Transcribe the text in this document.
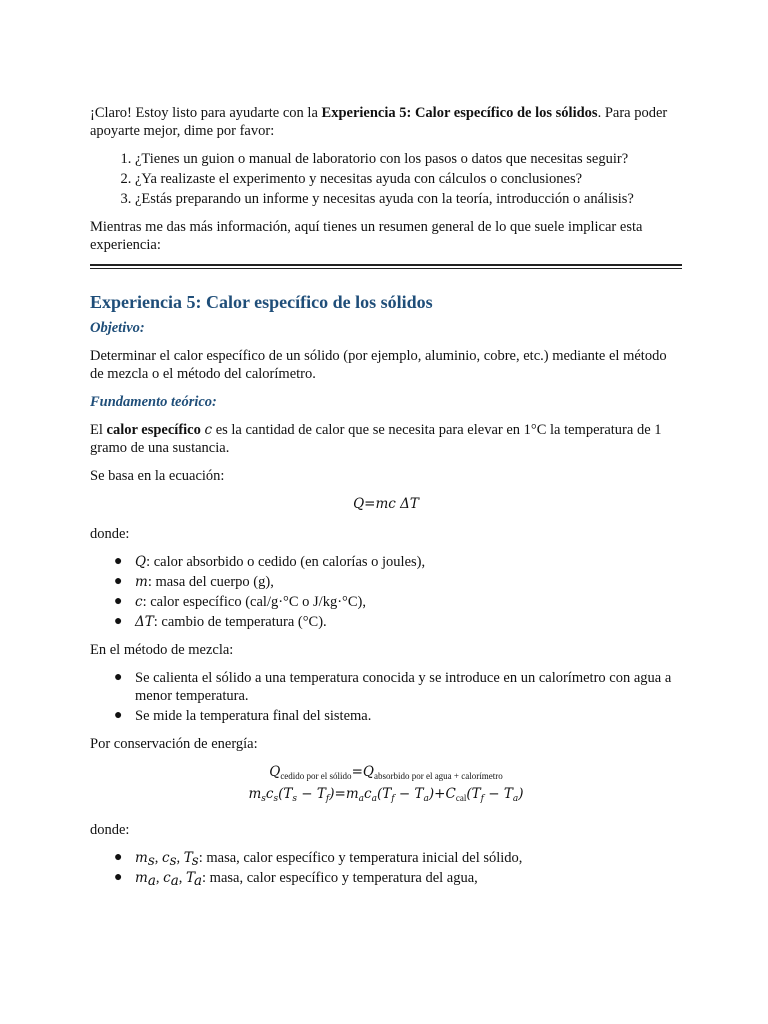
¡Claro! Estoy listo para ayudarte con la Experiencia 5: Calor específico de los sólidos. Para poder apoyarte mejor, dime por favor:

1. ¿Tienes un guion o manual de laboratorio con los pasos o datos que necesitas seguir?
2. ¿Ya realizaste el experimento y necesitas ayuda con cálculos o conclusiones?
3. ¿Estás preparando un informe y necesitas ayuda con la teoría, introducción o análisis?

Mientras me das más información, aquí tienes un resumen general de lo que suele implicar esta experiencia:

Experiencia 5: Calor específico de los sólidos
Objetivo:

Determinar el calor específico de un sólido (por ejemplo, aluminio, cobre, etc.) mediante el método de mezcla o el método del calorímetro.

Fundamento teórico:

El calor específico c es la cantidad de calor que se necesita para elevar en 1°C la temperatura de 1 gramo de una sustancia.

Se basa en la ecuación:

Q=mc ΔT

donde:

● Q: calor absorbido o cedido (en calorías o joules),
● m: masa del cuerpo (g),
● c: calor específico (cal/g·°C o J/kg·°C),
● ΔT: cambio de temperatura (°C).

En el método de mezcla:

● Se calienta el sólido a una temperatura conocida y se introduce en un calorímetro con agua a menor temperatura.
● Se mide la temperatura final del sistema.

Por conservación de energía:

$Q_{cedido por el sólido}=Q_{absorbido por el agua + calorímetro}$
$m_sc_s(T_s - T_f)=m_ac_a(T_f - T_a)+C_{cal}(T_f - T_a)$

donde:

● $m_s$, $c_s$, $T_s$: masa, calor específico y temperatura inicial del sólido,
● $m_a$, $c_a$, $T_a$: masa, calor específico y temperatura del agua,
